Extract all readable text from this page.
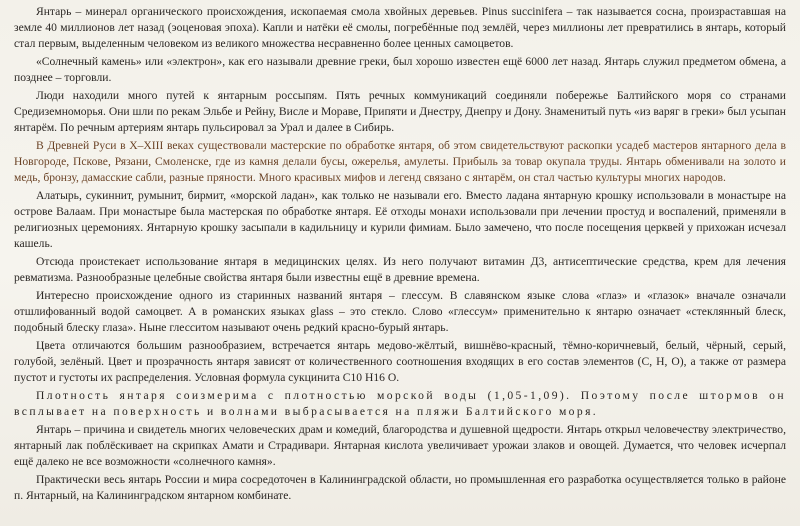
Янтарь – минерал органического происхождения, ископаемая смола хвойных деревьев. Pinus succinifera – так называется сосна, произраставшая на земле 40 миллионов лет назад (эоценовая эпоха). Капли и натёки её смолы, погребённые под землёй, через миллионы лет превратились в янтарь, который стал первым, выделенным человеком из великого множества несравненно более ценных самоцветов.

«Солнечный камень» или «электрон», как его называли древние греки, был хорошо известен ещё 6000 лет назад. Янтарь служил предметом обмена, а позднее – торговли.

Люди находили много путей к янтарным россыпям. Пять речных коммуникаций соединяли побережье Балтийского моря со странами Средиземноморья. Они шли по рекам Эльбе и Рейну, Висле и Мораве, Припяти и Днестру, Днепру и Дону. Знаменитый путь «из варяг в греки» был усыпан янтарём. По речным артериям янтарь пульсировал за Урал и далее в Сибирь.

В Древней Руси в X–XIII веках существовали мастерские по обработке янтаря, об этом свидетельствуют раскопки усадеб мастеров янтарного дела в Новгороде, Пскове, Рязани, Смоленске, где из камня делали бусы, ожерелья, амулеты. Прибыль за товар окупала труды. Янтарь обменивали на золото и медь, бронзу, дамасские сабли, разные пряности. Много красивых мифов и легенд связано с янтарём, он стал частью культуры многих народов.

Алатырь, сукиннит, румынит, бирмит, «морской ладан», как только не называли его. Вместо ладана янтарную крошку использовали в монастыре на острове Валаам. При монастыре была мастерская по обработке янтаря. Её отходы монахи использовали при лечении простуд и воспалений, применяли в религиозных церемониях. Янтарную крошку засыпали в кадильницу и курили фимиам. Было замечено, что после посещения церквей у прихожан исчезал кашель.

Отсюда проистекает использование янтаря в медицинских целях. Из него получают витамин Д3, антисептические средства, крем для лечения ревматизма. Разнообразные целебные свойства янтаря были известны ещё в древние времена.

Интересно происхождение одного из старинных названий янтаря – глессум. В славянском языке слова «глаз» и «глазок» вначале означали отшлифованный водой самоцвет. А в романских языках glass – это стекло. Слово «глессум» применительно к янтарю означает «стеклянный блеск, подобный блеску глаза». Ныне глесситом называют очень редкий красно-бурый янтарь.

Цвета отличаются большим разнообразием, встречается янтарь медово-жёлтый, вишнёво-красный, тёмно-коричневый, белый, чёрный, серый, голубой, зелёный. Цвет и прозрачность янтаря зависят от количественного соотношения входящих в его состав элементов (С, Н, О), а также от размера пустот и густоты их распределения. Условная формула сукцинита С10 Н16 О.

Плотность янтаря соизмерима с плотностью морской воды (1,05-1,09). Поэтому после штормов он всплывает на поверхность и волнами выбрасывается на пляжи Балтийского моря.

Янтарь – причина и свидетель многих человеческих драм и комедий, благородства и душевной щедрости. Янтарь открыл человечеству электричество, янтарный лак поблёскивает на скрипках Амати и Страдивари. Янтарная кислота увеличивает урожаи злаков и овощей. Думается, что человек исчерпал ещё далеко не все возможности «солнечного камня».

Практически весь янтарь России и мира сосредоточен в Калининградской области, но промышленная его разработка осуществляется только в районе п. Янтарный, на Калининградском янтарном комбинате.
